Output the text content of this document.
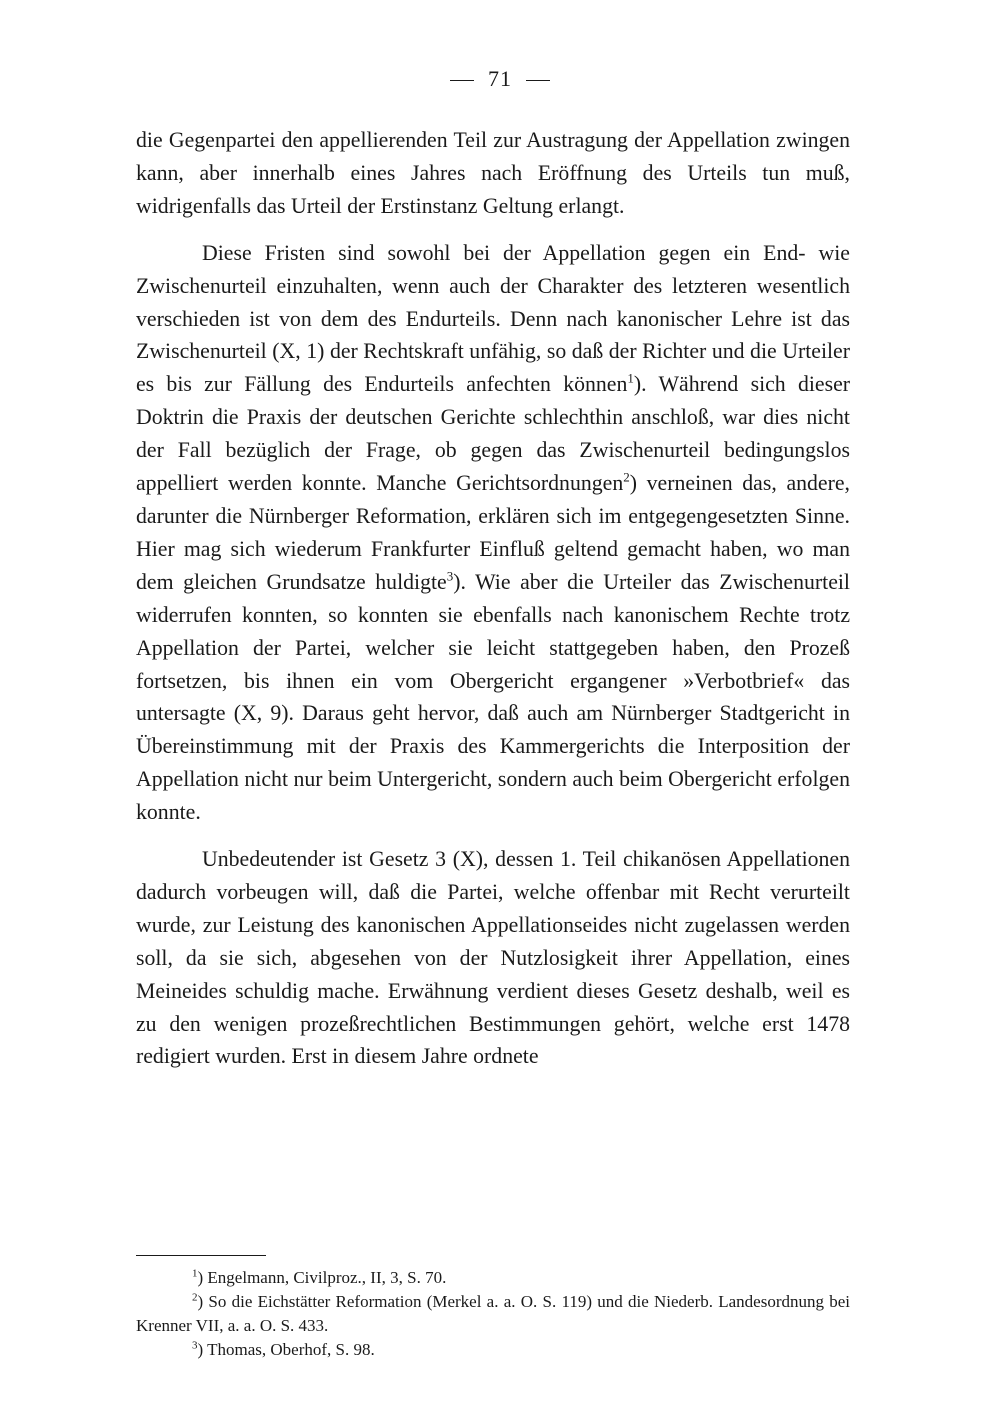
71

die Gegenpartei den appellierenden Teil zur Austragung der Appellation zwingen kann, aber innerhalb eines Jahres nach Eröffnung des Urteils tun muß, widrigenfalls das Urteil der Erstinstanz Geltung erlangt.

Diese Fristen sind sowohl bei der Appellation gegen ein End- wie Zwischenurteil einzuhalten, wenn auch der Charakter des letzteren wesentlich verschieden ist von dem des Endurteils. Denn nach kanonischer Lehre ist das Zwischenurteil (X, 1) der Rechtskraft unfähig, so daß der Richter und die Urteiler es bis zur Fällung des Endurteils anfechten können$^1$). Während sich dieser Doktrin die Praxis der deutschen Gerichte schlechthin anschloß, war dies nicht der Fall bezüglich der Frage, ob gegen das Zwischenurteil bedingungslos appelliert werden konnte. Manche Gerichtsordnungen$^2$) verneinen das, andere, darunter die Nürnberger Reformation, erklären sich im entgegengesetzten Sinne. Hier mag sich wiederum Frankfurter Einfluß geltend gemacht haben, wo man dem gleichen Grundsatze huldigte$^3$). Wie aber die Urteiler das Zwischenurteil widerrufen konnten, so konnten sie ebenfalls nach kanonischem Rechte trotz Appellation der Partei, welcher sie leicht stattgegeben haben, den Prozeß fortsetzen, bis ihnen ein vom Obergericht ergangener »Verbotbrief« das untersagte (X, 9). Daraus geht hervor, daß auch am Nürnberger Stadtgericht in Übereinstimmung mit der Praxis des Kammergerichts die Interposition der Appellation nicht nur beim Untergericht, sondern auch beim Obergericht erfolgen konnte.

Unbedeutender ist Gesetz 3 (X), dessen 1. Teil chikanösen Appellationen dadurch vorbeugen will, daß die Partei, welche offenbar mit Recht verurteilt wurde, zur Leistung des kanonischen Appellationseides nicht zugelassen werden soll, da sie sich, abgesehen von der Nutzlosigkeit ihrer Appellation, eines Meineides schuldig mache. Erwähnung verdient dieses Gesetz deshalb, weil es zu den wenigen prozeßrechtlichen Bestimmungen gehört, welche erst 1478 redigiert wurden. Erst in diesem Jahre ordnete

$^1$) Engelmann, Civilproz., II, 3, S. 70.

$^2$) So die Eichstätter Reformation (Merkel a. a. O. S. 119) und die Niederb. Landesordnung bei Krenner VII, a. a. O. S. 433.

$^3$) Thomas, Oberhof, S. 98.
